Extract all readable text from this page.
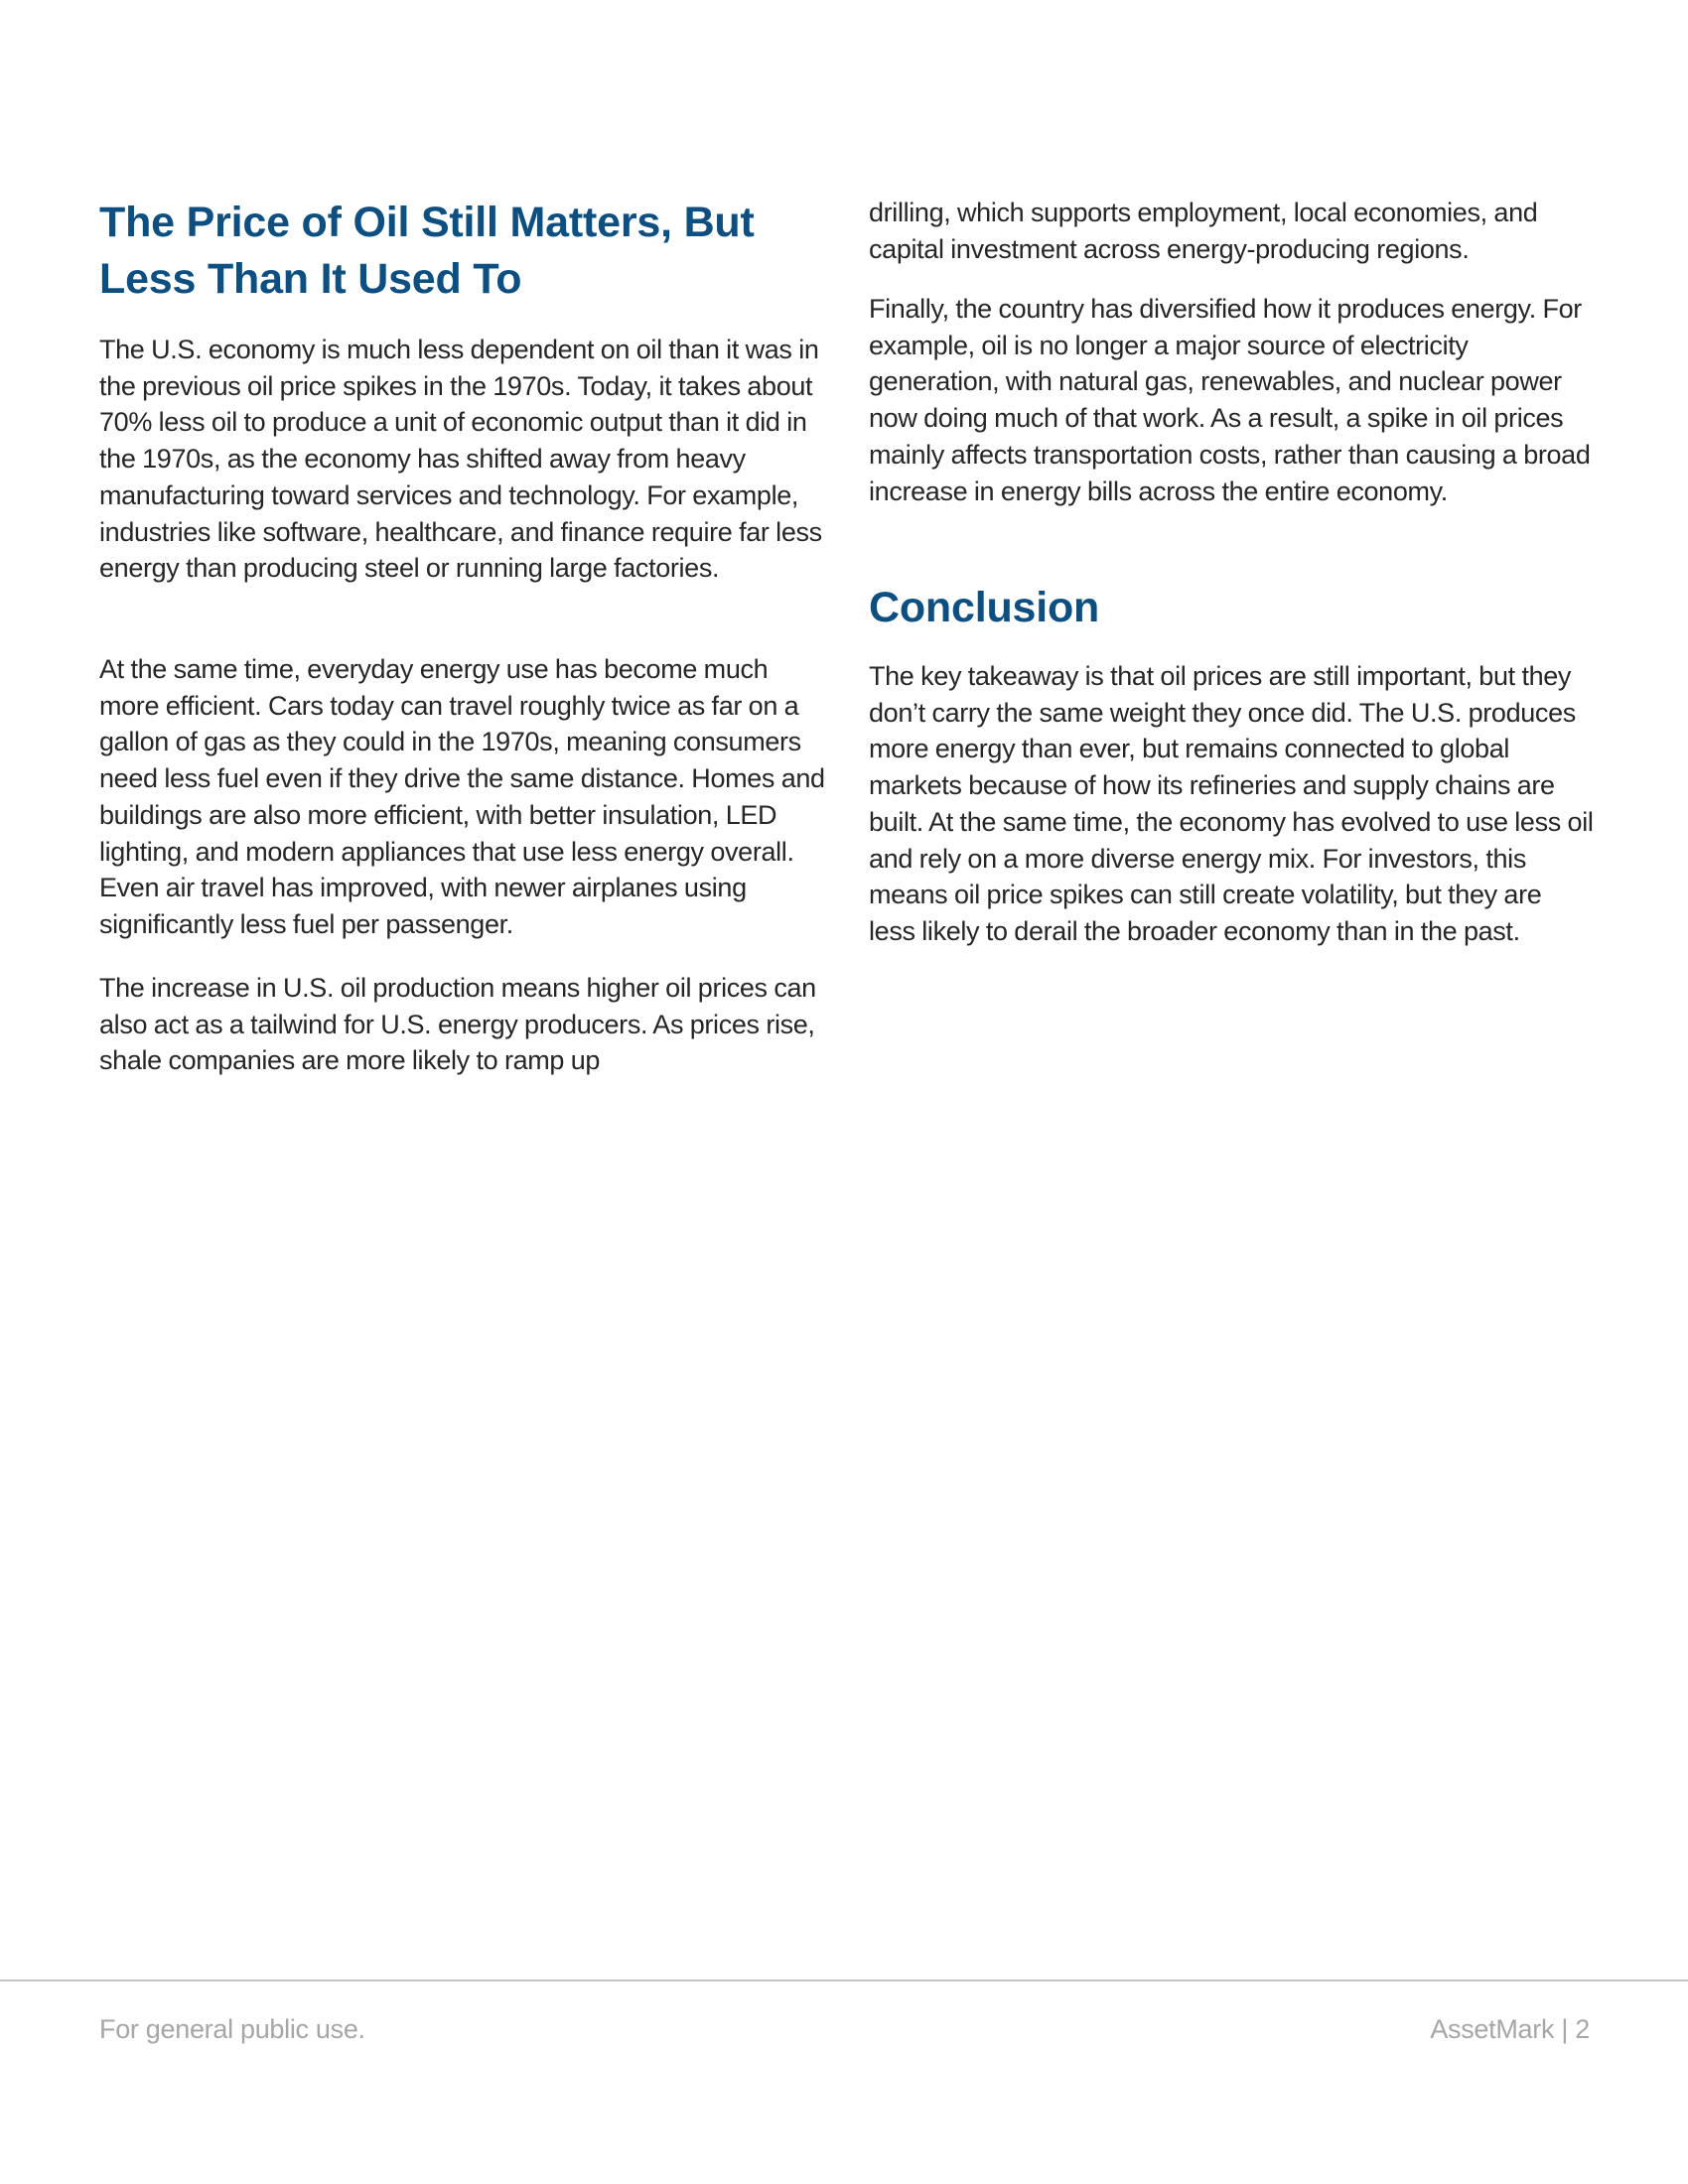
The Price of Oil Still Matters, But Less Than It Used To

The U.S. economy is much less dependent on oil than it was in the previous oil price spikes in the 1970s. Today, it takes about 70% less oil to produce a unit of economic output than it did in the 1970s, as the economy has shifted away from heavy manufacturing toward services and technology. For example, industries like software, healthcare, and finance require far less energy than producing steel or running large factories.

At the same time, everyday energy use has become much more efficient. Cars today can travel roughly twice as far on a gallon of gas as they could in the 1970s, meaning consumers need less fuel even if they drive the same distance. Homes and buildings are also more efficient, with better insulation, LED lighting, and modern appliances that use less energy overall. Even air travel has improved, with newer airplanes using significantly less fuel per passenger.

The increase in U.S. oil production means higher oil prices can also act as a tailwind for U.S. energy producers. As prices rise, shale companies are more likely to ramp up

drilling, which supports employment, local economies, and capital investment across energy-producing regions.

Finally, the country has diversified how it produces energy. For example, oil is no longer a major source of electricity generation, with natural gas, renewables, and nuclear power now doing much of that work. As a result, a spike in oil prices mainly affects transportation costs, rather than causing a broad increase in energy bills across the entire economy.

Conclusion

The key takeaway is that oil prices are still important, but they don’t carry the same weight they once did. The U.S. produces more energy than ever, but remains connected to global markets because of how its refineries and supply chains are built. At the same time, the economy has evolved to use less oil and rely on a more diverse energy mix. For investors, this means oil price spikes can still create volatility, but they are less likely to derail the broader economy than in the past.

For general public use.	AssetMark | 2
